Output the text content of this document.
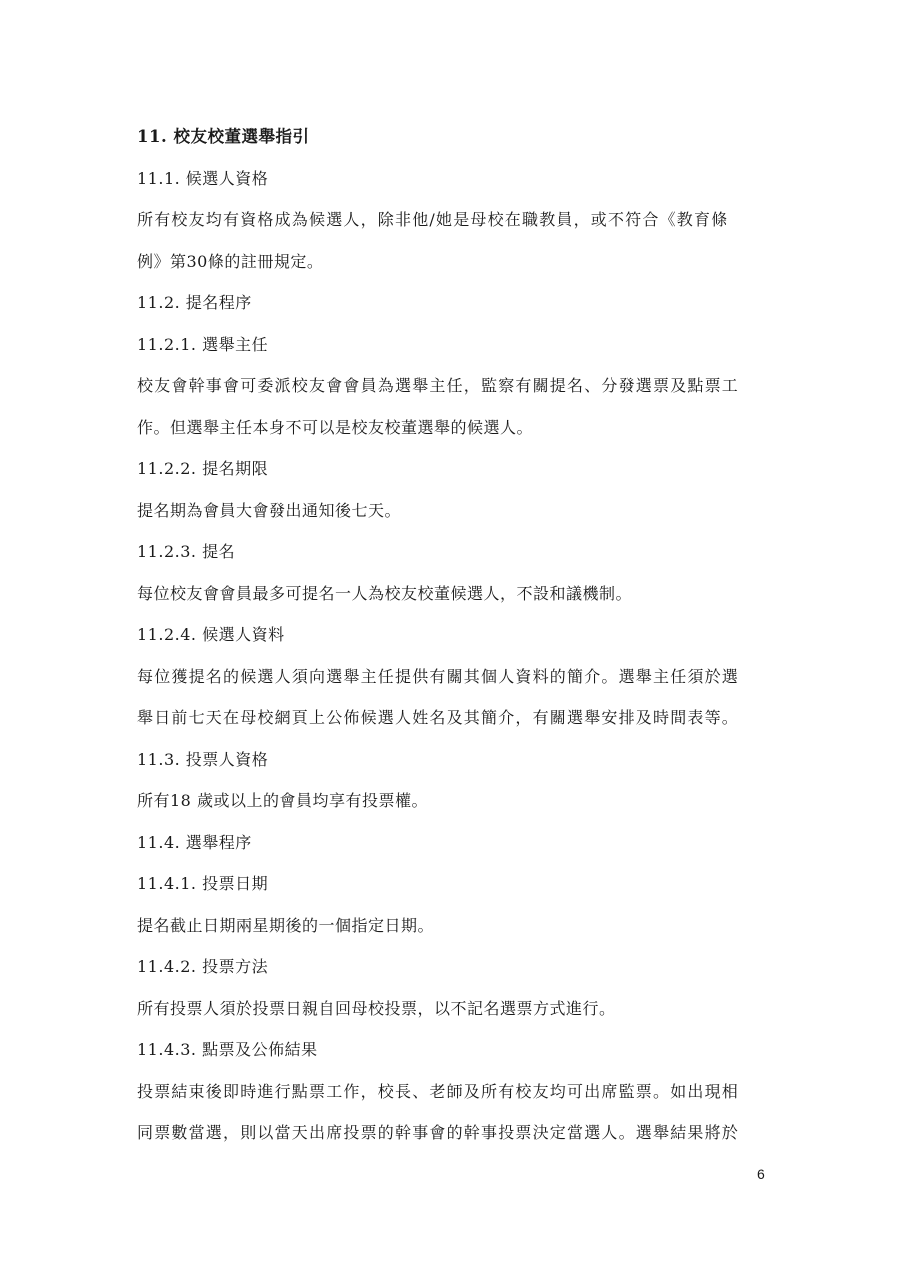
11. 校友校董選舉指引
11.1. 候選人資格
所有校友均有資格成為候選人，除非他/她是母校在職教員，或不符合《教育條
例》第30條的註冊規定。
11.2. 提名程序
11.2.1. 選舉主任
校友會幹事會可委派校友會會員為選舉主任，監察有關提名、分發選票及點票工
作。但選舉主任本身不可以是校友校董選舉的候選人。
11.2.2. 提名期限
提名期為會員大會發出通知後七天。
11.2.3. 提名
每位校友會會員最多可提名一人為校友校董候選人，不設和議機制。
11.2.4. 候選人資料
每位獲提名的候選人須向選舉主任提供有關其個人資料的簡介。選舉主任須於選
舉日前七天在母校網頁上公佈候選人姓名及其簡介，有關選舉安排及時間表等。
11.3. 投票人資格
所有18 歲或以上的會員均享有投票權。
11.4. 選舉程序
11.4.1. 投票日期
提名截止日期兩星期後的一個指定日期。
11.4.2. 投票方法
所有投票人須於投票日親自回母校投票，以不記名選票方式進行。
11.4.3. 點票及公佈結果
投票結束後即時進行點票工作，校長、老師及所有校友均可出席監票。如出現相
同票數當選，則以當天出席投票的幹事會的幹事投票決定當選人。選舉結果將於
6
